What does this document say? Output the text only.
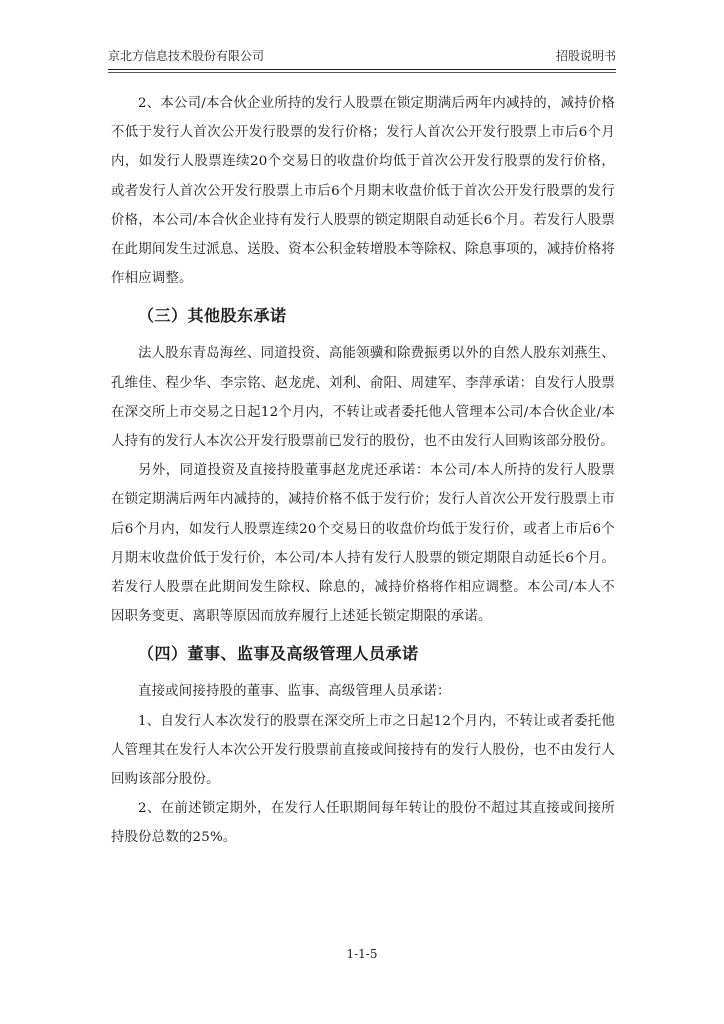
京北方信息技术股份有限公司	招股说明书

2、本公司/本合伙企业所持的发行人股票在锁定期满后两年内减持的，减持价格不低于发行人首次公开发行股票的发行价格；发行人首次公开发行股票上市后6个月内，如发行人股票连续20个交易日的收盘价均低于首次公开发行股票的发行价格，或者发行人首次公开发行股票上市后6个月期末收盘价低于首次公开发行股票的发行价格，本公司/本合伙企业持有发行人股票的锁定期限自动延长6个月。若发行人股票在此期间发生过派息、送股、资本公积金转增股本等除权、除息事项的，减持价格将作相应调整。

（三）其他股东承诺

法人股东青岛海丝、同道投资、高能领骥和除费振勇以外的自然人股东刘燕生、孔维佳、程少华、李宗铭、赵龙虎、刘利、俞阳、周建军、李萍承诺：自发行人股票在深交所上市交易之日起12个月内，不转让或者委托他人管理本公司/本合伙企业/本人持有的发行人本次公开发行股票前已发行的股份，也不由发行人回购该部分股份。

另外，同道投资及直接持股董事赵龙虎还承诺：本公司/本人所持的发行人股票在锁定期满后两年内减持的，减持价格不低于发行价；发行人首次公开发行股票上市后6个月内，如发行人股票连续20个交易日的收盘价均低于发行价，或者上市后6个月期末收盘价低于发行价，本公司/本人持有发行人股票的锁定期限自动延长6个月。若发行人股票在此期间发生除权、除息的，减持价格将作相应调整。本公司/本人不因职务变更、离职等原因而放弃履行上述延长锁定期限的承诺。

（四）董事、监事及高级管理人员承诺

直接或间接持股的董事、监事、高级管理人员承诺：

1、自发行人本次发行的股票在深交所上市之日起12个月内，不转让或者委托他人管理其在发行人本次公开发行股票前直接或间接持有的发行人股份，也不由发行人回购该部分股份。

2、在前述锁定期外，在发行人任职期间每年转让的股份不超过其直接或间接所持股份总数的25%。

1-1-5
